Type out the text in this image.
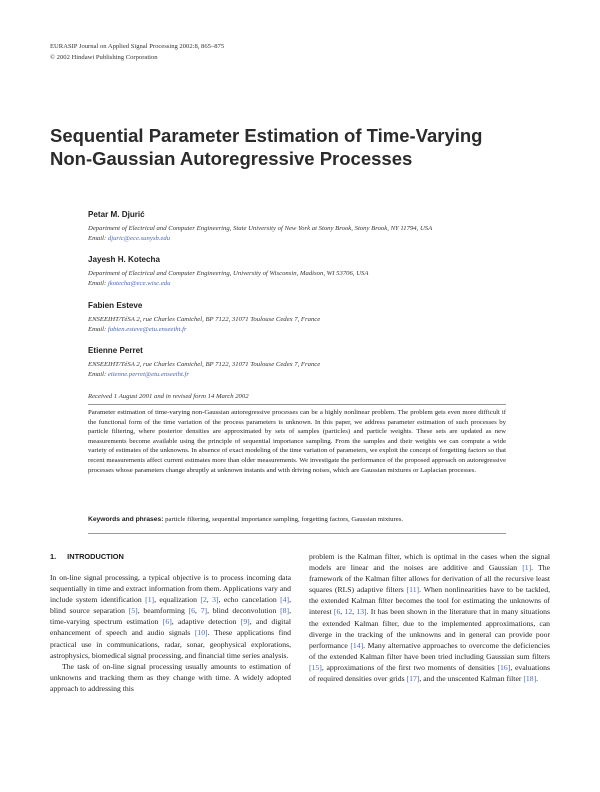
EURASIP Journal on Applied Signal Processing 2002:8, 865–875
© 2002 Hindawi Publishing Corporation
Sequential Parameter Estimation of Time-Varying
Non-Gaussian Autoregressive Processes
Petar M. Djurić
Department of Electrical and Computer Engineering, State University of New York at Stony Brook, Stony Brook, NY 11794, USA
Email: djuric@ece.sunysb.edu
Jayesh H. Kotecha
Department of Electrical and Computer Engineering, University of Wisconsin, Madison, WI 53706, USA
Email: jkotecha@ece.wisc.edu
Fabien Esteve
ENSEEIHT/TéSA 2, rue Charles Camichel, BP 7122, 31071 Toulouse Cedex 7, France
Email: fabien.esteve@etu.enseeiht.fr
Etienne Perret
ENSEEIHT/TéSA 2, rue Charles Camichel, BP 7122, 31071 Toulouse Cedex 7, France
Email: etienne.perret@etu.enseeiht.fr
Received 1 August 2001 and in revised form 14 March 2002
Parameter estimation of time-varying non-Gaussian autoregressive processes can be a highly nonlinear problem. The problem gets even more difficult if the functional form of the time variation of the process parameters is unknown. In this paper, we address parameter estimation of such processes by particle filtering, where posterior densities are approximated by sets of samples (particles) and particle weights. These sets are updated as new measurements become available using the principle of sequential importance sampling. From the samples and their weights we can compute a wide variety of estimates of the unknowns. In absence of exact modeling of the time variation of parameters, we exploit the concept of forgetting factors so that recent measurements affect current estimates more than older measurements. We investigate the performance of the proposed approach on autoregressive processes whose parameters change abruptly at unknown instants and with driving noises, which are Gaussian mixtures or Laplacian processes.
Keywords and phrases: particle filtering, sequential importance sampling, forgetting factors, Gaussian mixtures.
1. INTRODUCTION

In on-line signal processing, a typical objective is to process incoming data sequentially in time and extract information from them. Applications vary and include system identification [1], equalization [2, 3], echo cancelation [4], blind source separation [5], beamforming [6, 7], blind deconvolution [8], time-varying spectrum estimation [6], adaptive detection [9], and digital enhancement of speech and audio signals [10]. These applications find practical use in communications, radar, sonar, geophysical explorations, astrophysics, biomedical signal processing, and financial time series analysis.

The task of on-line signal processing usually amounts to estimation of unknowns and tracking them as they change with time. A widely adopted approach to addressing this

problem is the Kalman filter, which is optimal in the cases when the signal models are linear and the noises are additive and Gaussian [1]. The framework of the Kalman filter allows for derivation of all the recursive least squares (RLS) adaptive filters [11]. When nonlinearities have to be tackled, the extended Kalman filter becomes the tool for estimating the unknowns of interest [6, 12, 13]. It has been shown in the literature that in many situations the extended Kalman filter, due to the implemented approximations, can diverge in the tracking of the unknowns and in general can provide poor performance [14]. Many alternative approaches to overcome the deficiencies of the extended Kalman filter have been tried including Gaussian sum filters [15], approximations of the first two moments of densities [16], evaluations of required densities over grids [17], and the unscented Kalman filter [18].
